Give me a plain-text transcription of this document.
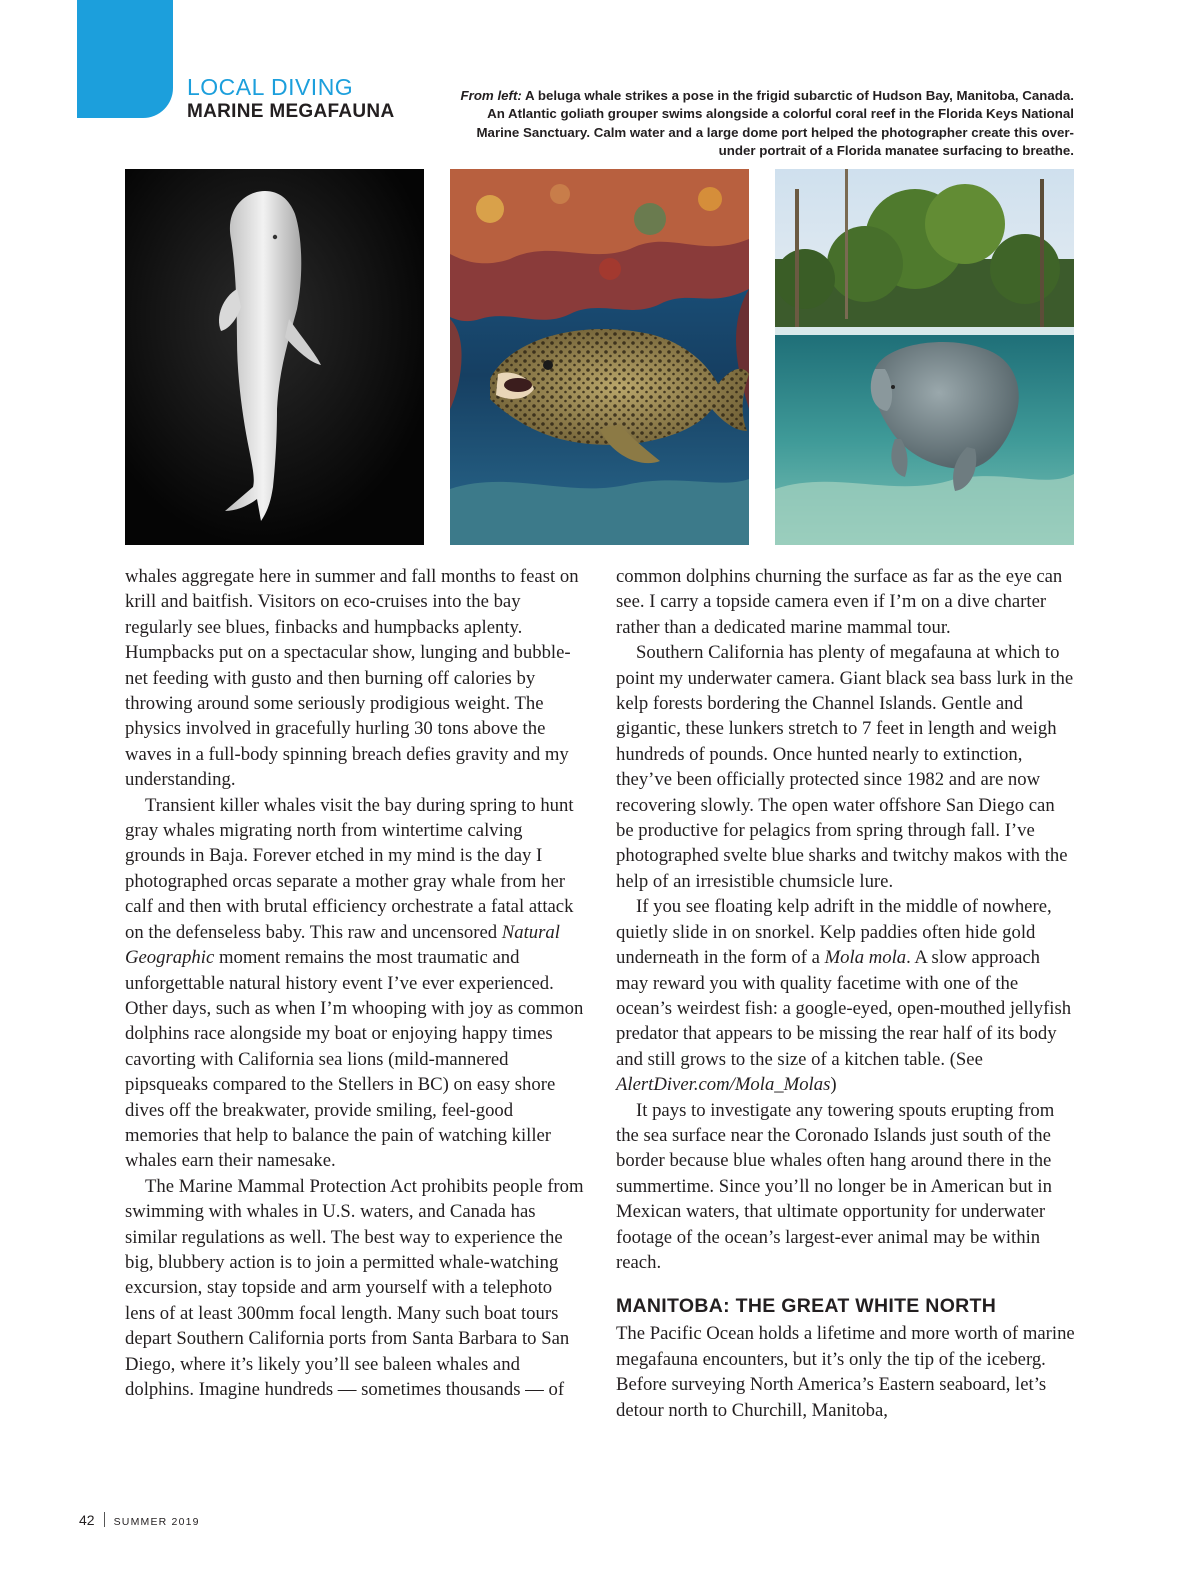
LOCAL DIVING
MARINE MEGAFAUNA
From left: A beluga whale strikes a pose in the frigid subarctic of Hudson Bay, Manitoba, Canada. An Atlantic goliath grouper swims alongside a colorful coral reef in the Florida Keys National Marine Sanctuary. Calm water and a large dome port helped the photographer create this over-under portrait of a Florida manatee surfacing to breathe.

whales aggregate here in summer and fall months to feast on krill and baitfish. Visitors on eco-cruises into the bay regularly see blues, finbacks and humpbacks aplenty. Humpbacks put on a spectacular show, lunging and bubble-net feeding with gusto and then burning off calories by throwing around some seriously prodigious weight. The physics involved in gracefully hurling 30 tons above the waves in a full-body spinning breach defies gravity and my understanding.

Transient killer whales visit the bay during spring to hunt gray whales migrating north from wintertime calving grounds in Baja. Forever etched in my mind is the day I photographed orcas separate a mother gray whale from her calf and then with brutal efficiency orchestrate a fatal attack on the defenseless baby. This raw and uncensored Natural Geographic moment remains the most traumatic and unforgettable natural history event I’ve ever experienced. Other days, such as when I’m whooping with joy as common dolphins race alongside my boat or enjoying happy times cavorting with California sea lions (mild-mannered pipsqueaks compared to the Stellers in BC) on easy shore dives off the breakwater, provide smiling, feel-good memories that help to balance the pain of watching killer whales earn their namesake.

The Marine Mammal Protection Act prohibits people from swimming with whales in U.S. waters, and Canada has similar regulations as well. The best way to experience the big, blubbery action is to join a permitted whale-watching excursion, stay topside and arm yourself with a telephoto lens of at least 300mm focal length. Many such boat tours depart Southern California ports from Santa Barbara to San Diego, where it’s likely you’ll see baleen whales and dolphins. Imagine hundreds — sometimes thousands — of

common dolphins churning the surface as far as the eye can see. I carry a topside camera even if I’m on a dive charter rather than a dedicated marine mammal tour.

Southern California has plenty of megafauna at which to point my underwater camera. Giant black sea bass lurk in the kelp forests bordering the Channel Islands. Gentle and gigantic, these lunkers stretch to 7 feet in length and weigh hundreds of pounds. Once hunted nearly to extinction, they’ve been officially protected since 1982 and are now recovering slowly. The open water offshore San Diego can be productive for pelagics from spring through fall. I’ve photographed svelte blue sharks and twitchy makos with the help of an irresistible chumsicle lure.

If you see floating kelp adrift in the middle of nowhere, quietly slide in on snorkel. Kelp paddies often hide gold underneath in the form of a Mola mola. A slow approach may reward you with quality facetime with one of the ocean’s weirdest fish: a google-eyed, open-mouthed jellyfish predator that appears to be missing the rear half of its body and still grows to the size of a kitchen table. (See AlertDiver.com/Mola_Molas)

It pays to investigate any towering spouts erupting from the sea surface near the Coronado Islands just south of the border because blue whales often hang around there in the summertime. Since you’ll no longer be in American but in Mexican waters, that ultimate opportunity for underwater footage of the ocean’s largest-ever animal may be within reach.

MANITOBA: THE GREAT WHITE NORTH

The Pacific Ocean holds a lifetime and more worth of marine megafauna encounters, but it’s only the tip of the iceberg. Before surveying North America’s Eastern seaboard, let’s detour north to Churchill, Manitoba,

42 SUMMER 2019
